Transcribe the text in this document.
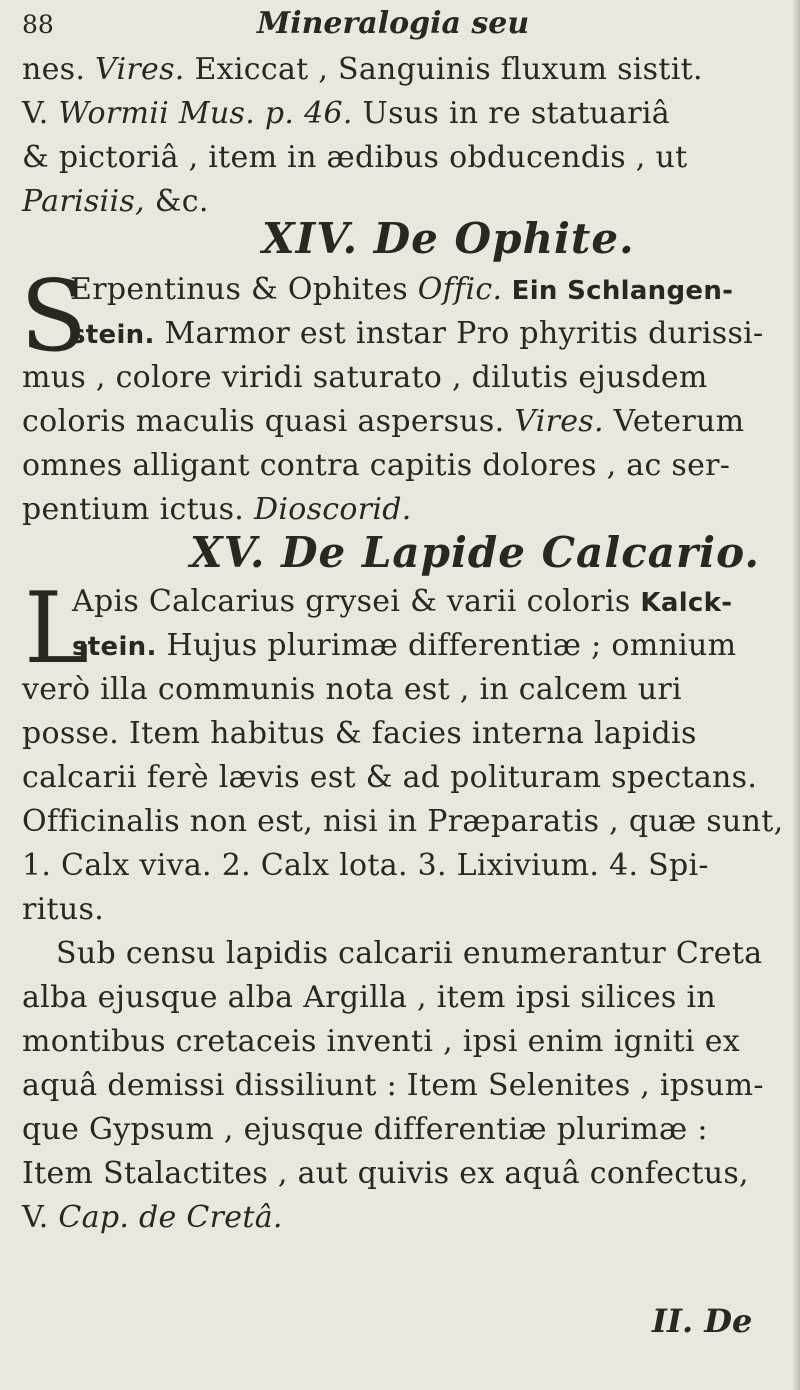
88	Mineralogia seu
nes. Vires. Exiccat , Sanguinis fluxum sistit.
V. Wormii Mus. p. 46. Usus in re statuariâ
& pictoriâ , item in ædibus obducendis , ut
Parisiis, &c.
XIV. De Ophite.
S
Erpentinus & Ophites Offic. Ein Schlangen-
stein. Marmor est instar Pro phyritis durissi-
mus , colore viridi saturato , dilutis ejusdem
coloris maculis quasi aspersus. Vires. Veterum
omnes alligant contra capitis dolores , ac ser-
pentium ictus. Dioscorid.
XV. De Lapide Calcario.
L
Apis Calcarius grysei & varii coloris Kalck-
stein. Hujus plurimæ differentiæ ; omnium
verò illa communis nota est , in calcem uri
posse. Item habitus & facies interna lapidis
calcarii ferè lævis est & ad polituram spectans.
Officinalis non est, nisi in Præparatis , quæ sunt,
1. Calx viva. 2. Calx lota. 3. Lixivium. 4. Spi-
ritus.
Sub censu lapidis calcarii enumerantur Creta
alba ejusque alba Argilla , item ipsi silices in
montibus cretaceis inventi , ipsi enim igniti ex
aquâ demissi dissiliunt : Item Selenites , ipsum-
que Gypsum , ejusque differentiæ plurimæ :
Item Stalactites , aut quivis ex aquâ confectus,
V. Cap. de Cretâ.
II. De
